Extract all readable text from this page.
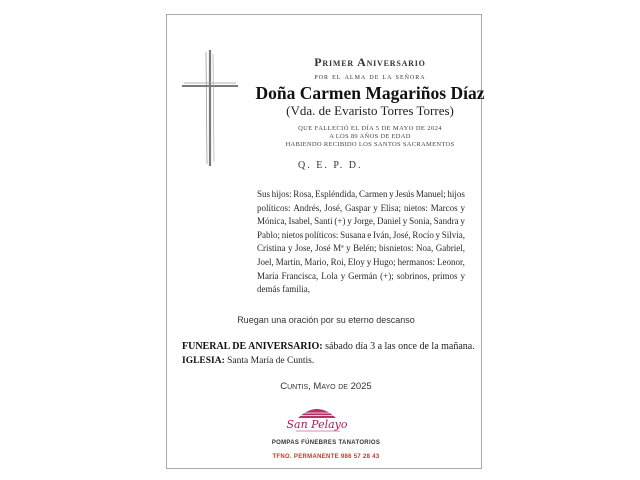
Primer Aniversario
por el alma de la señora
Doña Carmen Magariños Díaz
(Vda. de Evaristo Torres Torres)
QUE FALLECIÓ EL DÍA 5 DE MAYO DE 2024
A LOS 89 AÑOS DE EDAD
HABIENDO RECIBIDO LOS SANTOS SACRAMENTOS
Q. E. P. D.
Sus hijos: Rosa, Espléndida, Carmen y Jesús Manuel; hijos
políticos: Andrés, José, Gaspar y Elisa; nietos: Marcos y
Mónica, Isabel, Santi (+) y Jorge, Daniel y Sonia, Sandra y
Pablo; nietos políticos: Susana e Iván, José, Rocío y Silvia,
Cristina y Jose, José Mª y Belén; bisnietos: Noa, Gabriel,
Joel, Martín, Mario, Roi, Eloy y Hugo; hermanos: Leonor,
María Francisca, Lola y Germán (+); sobrinos, primos y
demás familia,
Ruegan una oración por su eterno descanso
FUNERAL DE ANIVERSARIO: sábado día 3 a las once de la mañana.
IGLESIA: Santa María de Cuntis.
Cuntis, Mayo de 2025
San Pelayo
POMPAS FÚNEBRES TANATORIOS
TFNO. PERMANENTE 986 57 28 43
